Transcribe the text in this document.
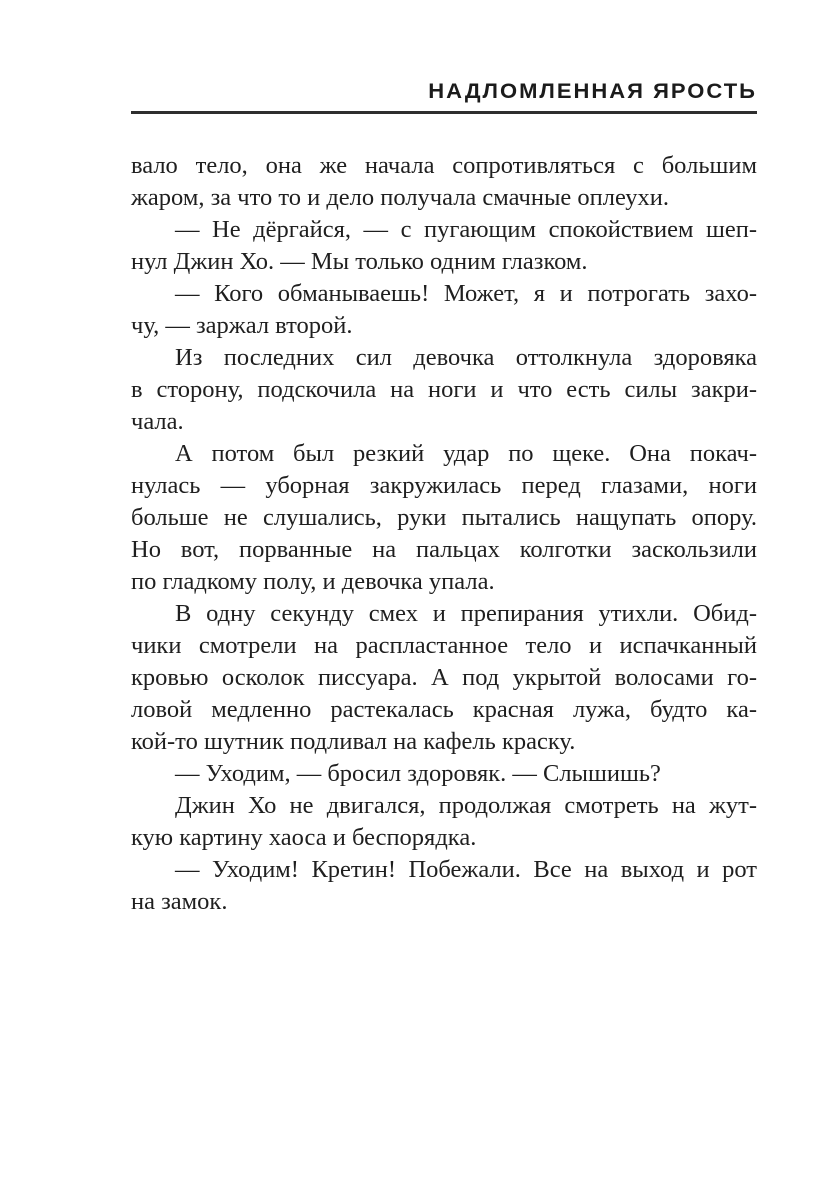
НАДЛОМЛЕННАЯ ЯРОСТЬ
вало тело, она же начала сопротивляться с большим
жаром, за что то и дело получала смачные оплеухи.
— Не дёргайся, — с пугающим спокойствием шеп-
нул Джин Хо. — Мы только одним глазком.
— Кого обманываешь! Может, я и потрогать захо-
чу, — заржал второй.
Из последних сил девочка оттолкнула здоровяка
в сторону, подскочила на ноги и что есть силы закри-
чала.
А потом был резкий удар по щеке. Она покач-
нулась — уборная закружилась перед глазами, ноги
больше не слушались, руки пытались нащупать опору.
Но вот, порванные на пальцах колготки заскользили
по гладкому полу, и девочка упала.
В одну секунду смех и препирания утихли. Обид-
чики смотрели на распластанное тело и испачканный
кровью осколок писсуара. А под укрытой волосами го-
ловой медленно растекалась красная лужа, будто ка-
кой-то шутник подливал на кафель краску.
— Уходим, — бросил здоровяк. — Слышишь?
Джин Хо не двигался, продолжая смотреть на жут-
кую картину хаоса и беспорядка.
— Уходим! Кретин! Побежали. Все на выход и рот
на замок.
